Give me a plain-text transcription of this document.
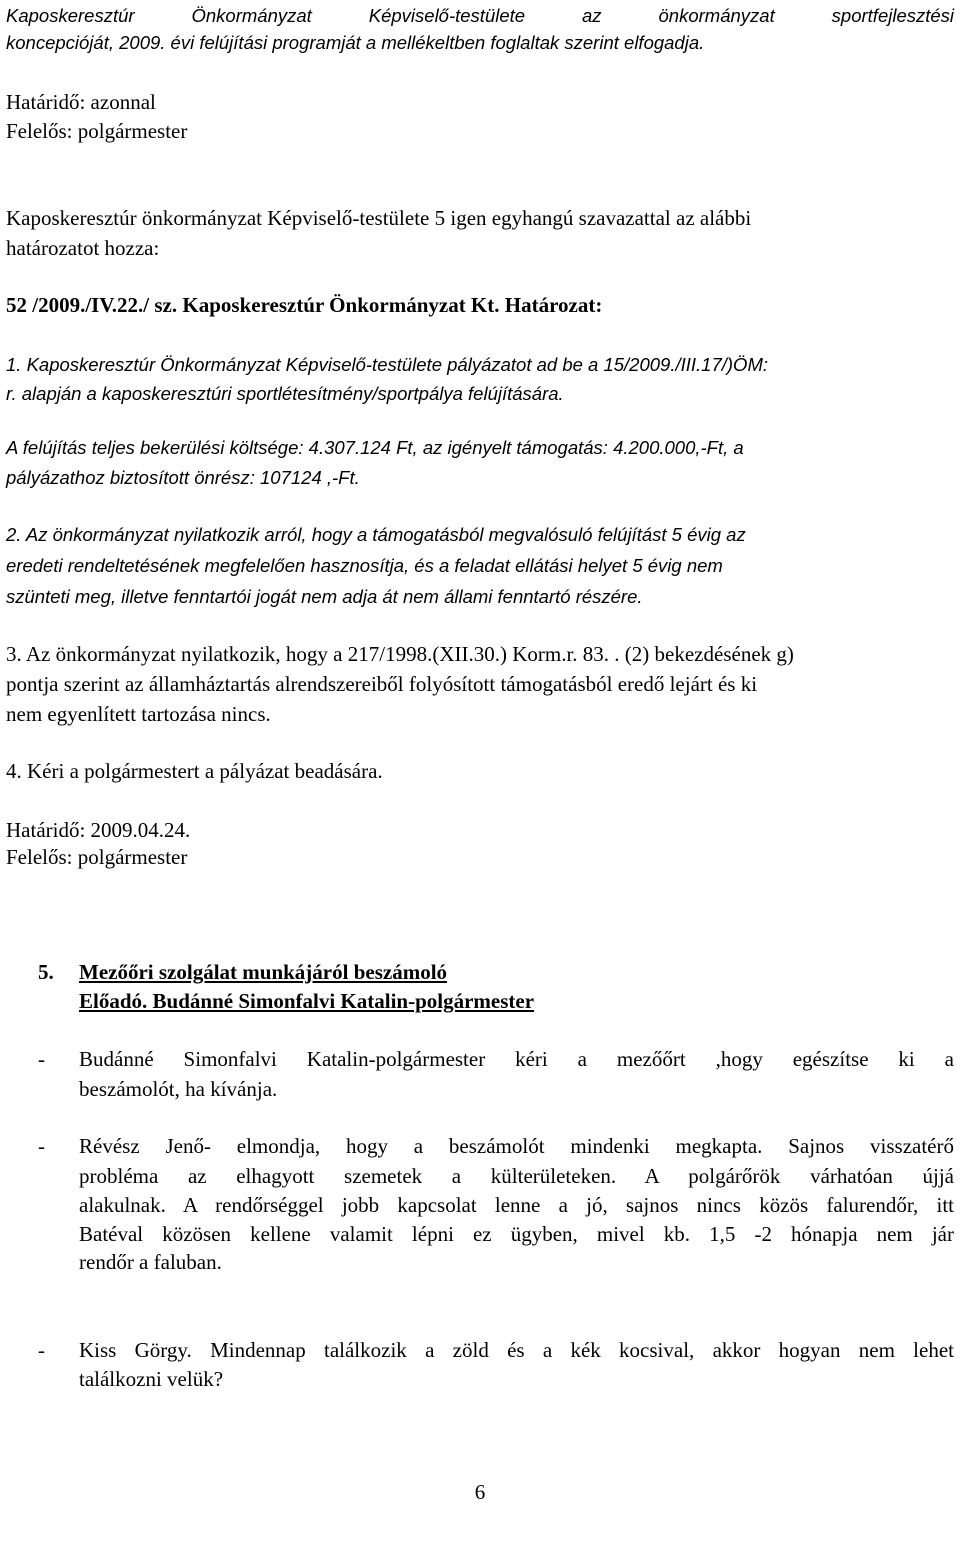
Kaposkeresztúr	Önkormányzat	Képviselő-testülete	az	önkormányzat	sportfejlesztési
koncepcióját, 2009. évi felújítási programját a mellékeltben foglaltak szerint elfogadja.
Határidő: azonnal
Felelős: polgármester
Kaposkeresztúr önkormányzat Képviselő-testülete 5 igen egyhangú szavazattal az alábbi
határozatot hozza:
52 /2009./IV.22./ sz. Kaposkeresztúr Önkormányzat Kt. Határozat:
1. Kaposkeresztúr Önkormányzat Képviselő-testülete pályázatot ad be a 15/2009./III.17/)ÖM:
r. alapján a kaposkeresztúri sportlétesítmény/sportpálya felújítására.
A felújítás teljes bekerülési költsége: 4.307.124 Ft, az igényelt támogatás: 4.200.000,-Ft, a
pályázathoz biztosított önrész: 107124 ,-Ft.
2. Az önkormányzat nyilatkozik arról, hogy a támogatásból megvalósuló felújítást 5 évig az
eredeti rendeltetésének megfelelően hasznosítja, és a feladat ellátási helyet 5 évig nem
szünteti meg, illetve fenntartói jogát nem adja át nem állami fenntartó részére.
3. Az önkormányzat nyilatkozik, hogy a 217/1998.(XII.30.) Korm.r. 83. . (2) bekezdésének g)
pontja szerint az államháztartás alrendszereiből folyósított támogatásból eredő lejárt és ki
nem egyenlített tartozása nincs.
4. Kéri a polgármestert a pályázat beadására.
Határidő: 2009.04.24.
Felelős: polgármester
5.	Mezőőri szolgálat munkájáról beszámoló
Előadó. Budánné Simonfalvi Katalin-polgármester
- Budánné Simonfalvi Katalin-polgármester kéri a mezőőrt ,hogy egészítse ki a
beszámolót, ha kívánja.
- Révész Jenő- elmondja, hogy a beszámolót mindenki megkapta. Sajnos visszatérő
probléma az elhagyott szemetek a külterületeken. A polgárőrök várhatóan újjá
alakulnak. A rendőrséggel jobb kapcsolat lenne a jó, sajnos nincs közös falurendőr, itt
Batéval közösen kellene valamit lépni ez ügyben, mivel kb. 1,5 -2 hónapja nem jár
rendőr a faluban.
- Kiss Görgy. Mindennap találkozik a zöld és a kék kocsival, akkor hogyan nem lehet
találkozni velük?
6
